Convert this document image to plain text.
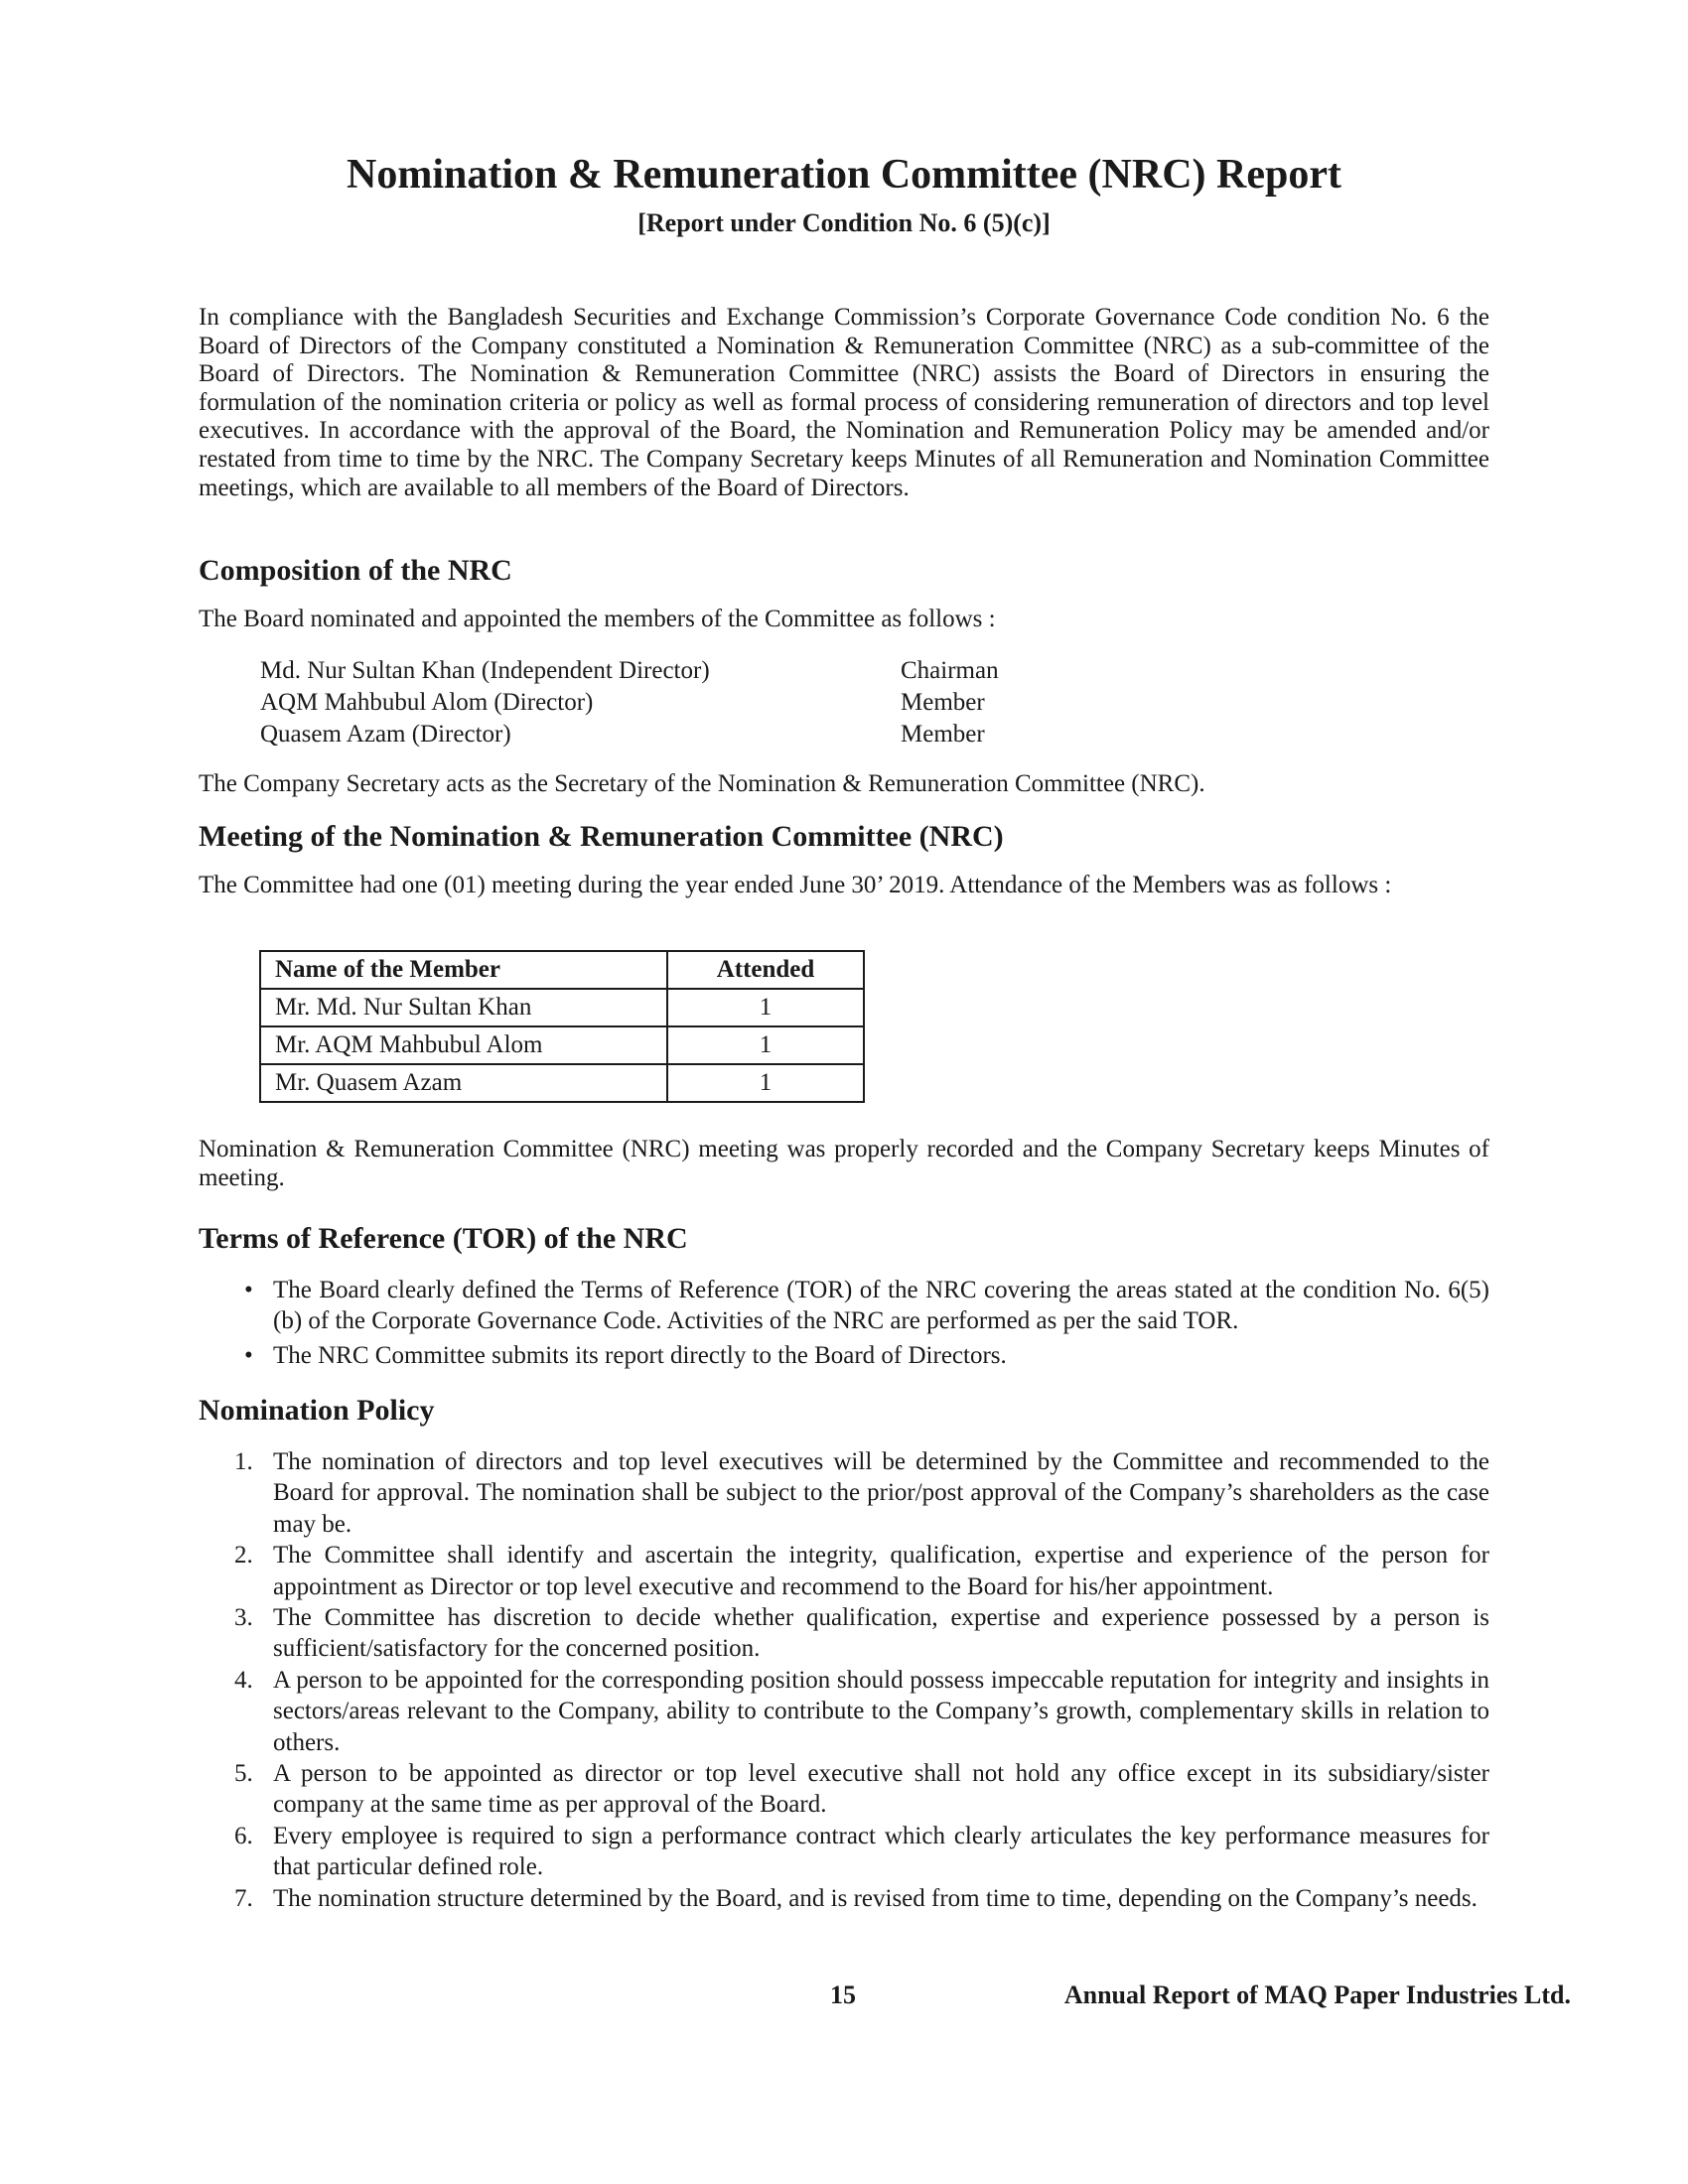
Nomination & Remuneration Committee (NRC) Report
[Report under Condition No. 6 (5)(c)]

In compliance with the Bangladesh Securities and Exchange Commission’s Corporate Governance Code condition No. 6 the Board of Directors of the Company constituted a Nomination & Remuneration Committee (NRC) as a sub-committee of the Board of Directors. The Nomination & Remuneration Committee (NRC) assists the Board of Directors in ensuring the formulation of the nomination criteria or policy as well as formal process of considering remuneration of directors and top level executives. In accordance with the approval of the Board, the Nomination and Remuneration Policy may be amended and/or restated from time to time by the NRC. The Company Secretary keeps Minutes of all Remuneration and Nomination Committee meetings, which are available to all members of the Board of Directors.

Composition of the NRC

The Board nominated and appointed the members of the Committee as follows :

Md. Nur Sultan Khan (Independent Director)	Chairman
AQM Mahbubul Alom (Director)	Member
Quasem Azam (Director)	Member

The Company Secretary acts as the Secretary of the Nomination & Remuneration Committee (NRC).

Meeting of the Nomination & Remuneration Committee (NRC)

The Committee had one (01) meeting during the year ended June 30’ 2019. Attendance of the Members was as follows :

Name of the Member	Attended
Mr. Md. Nur Sultan Khan	1
Mr. AQM Mahbubul Alom	1
Mr. Quasem Azam	1

Nomination & Remuneration Committee (NRC) meeting was properly recorded and the Company Secretary keeps Minutes of meeting.

Terms of Reference (TOR) of the NRC
• The Board clearly defined the Terms of Reference (TOR) of the NRC covering the areas stated at the condition No. 6(5)(b) of the Corporate Governance Code. Activities of the NRC are performed as per the said TOR.
• The NRC Committee submits its report directly to the Board of Directors.
Nomination Policy
1. The nomination of directors and top level executives will be determined by the Committee and recommended to the Board for approval. The nomination shall be subject to the prior/post approval of the Company’s shareholders as the case may be.
2. The Committee shall identify and ascertain the integrity, qualification, expertise and experience of the person for appointment as Director or top level executive and recommend to the Board for his/her appointment.
3. The Committee has discretion to decide whether qualification, expertise and experience possessed by a person is sufficient/satisfactory for the concerned position.
4. A person to be appointed for the corresponding position should possess impeccable reputation for integrity and insights in sectors/areas relevant to the Company, ability to contribute to the Company’s growth, complementary skills in relation to others.
5. A person to be appointed as director or top level executive shall not hold any office except in its subsidiary/sister company at the same time as per approval of the Board.
6. Every employee is required to sign a performance contract which clearly articulates the key performance measures for that particular defined role.
7. The nomination structure determined by the Board, and is revised from time to time, depending on the Company’s needs.
15	Annual Report of MAQ Paper Industries Ltd.
